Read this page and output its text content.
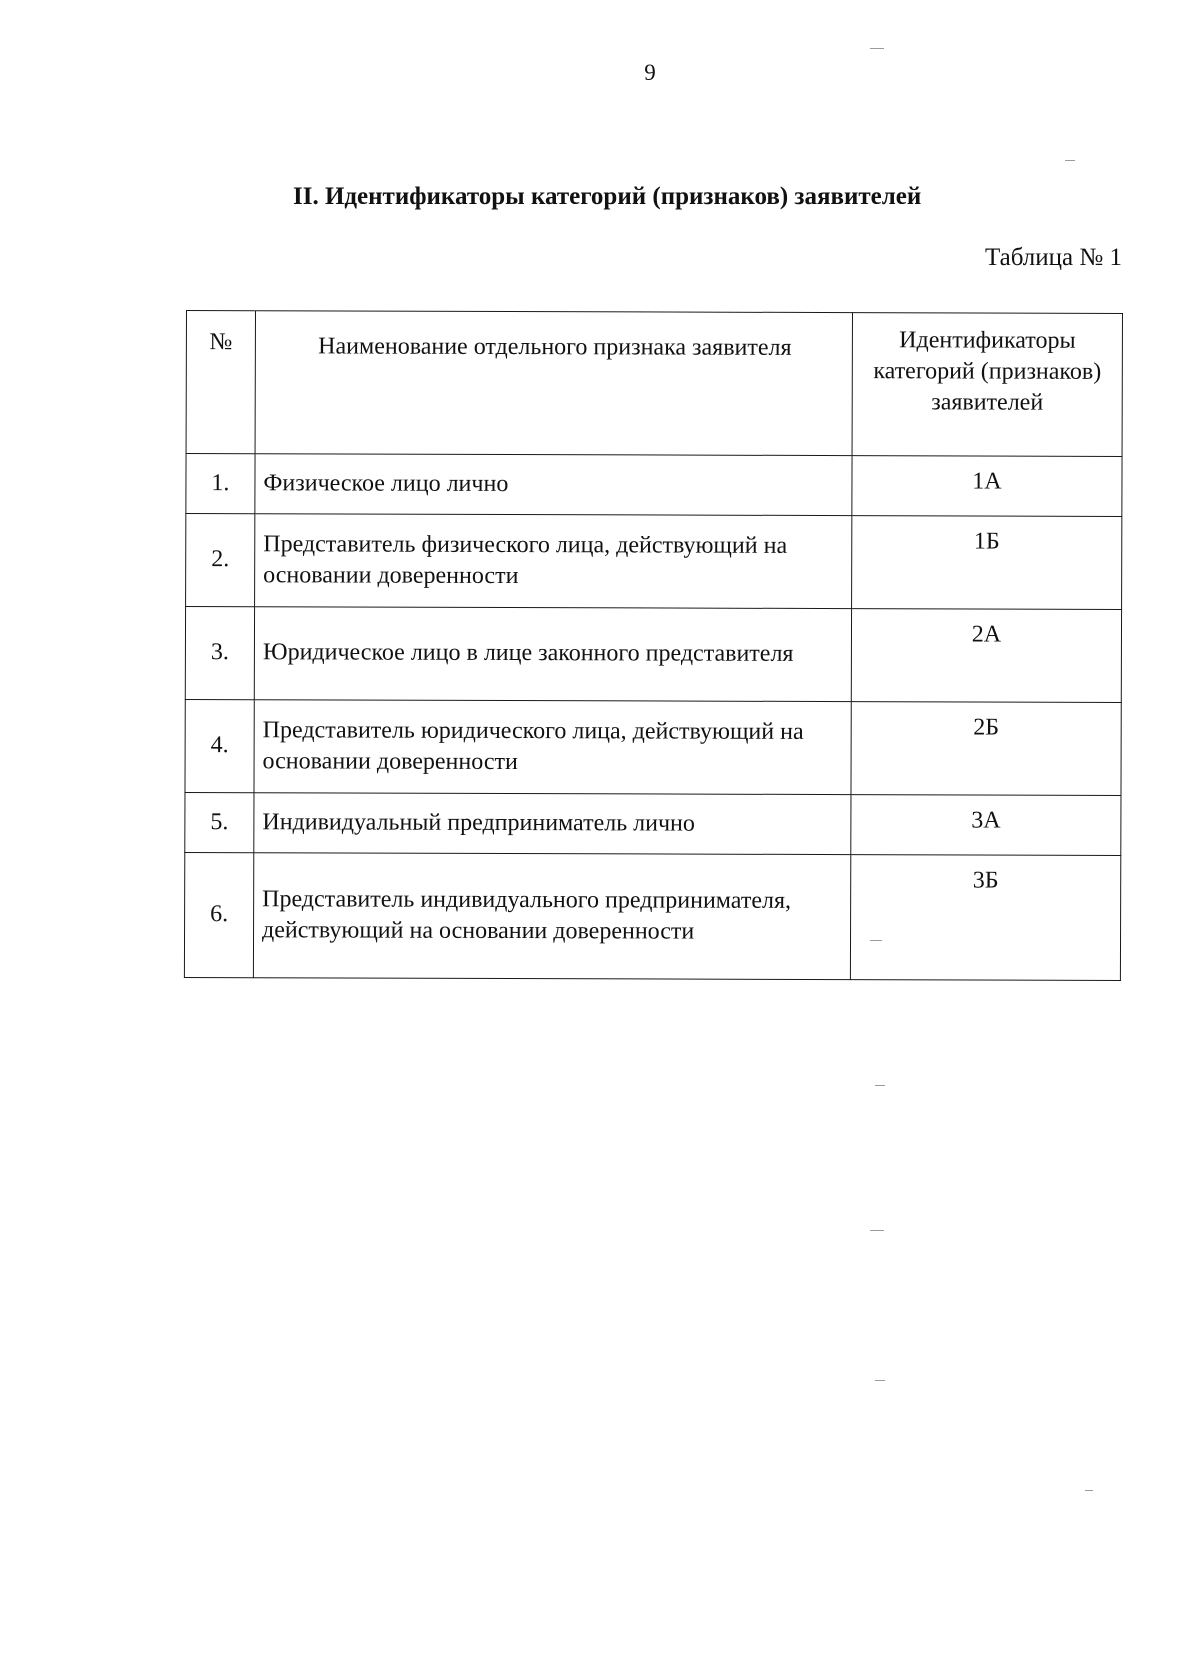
9
II. Идентификаторы категорий (признаков) заявителей
Таблица № 1
№	Наименование отдельного признака заявителя	Идентификаторы категорий (признаков) заявителей
1.	Физическое лицо лично	1А
2.	Представитель физического лица, действующий на основании доверенности	1Б
3.	Юридическое лицо в лице законного представителя	2А
4.	Представитель юридического лица, действующий на основании доверенности	2Б
5.	Индивидуальный предприниматель лично	3А
6.	Представитель индивидуального предпринимателя, действующий на основании доверенности	3Б
